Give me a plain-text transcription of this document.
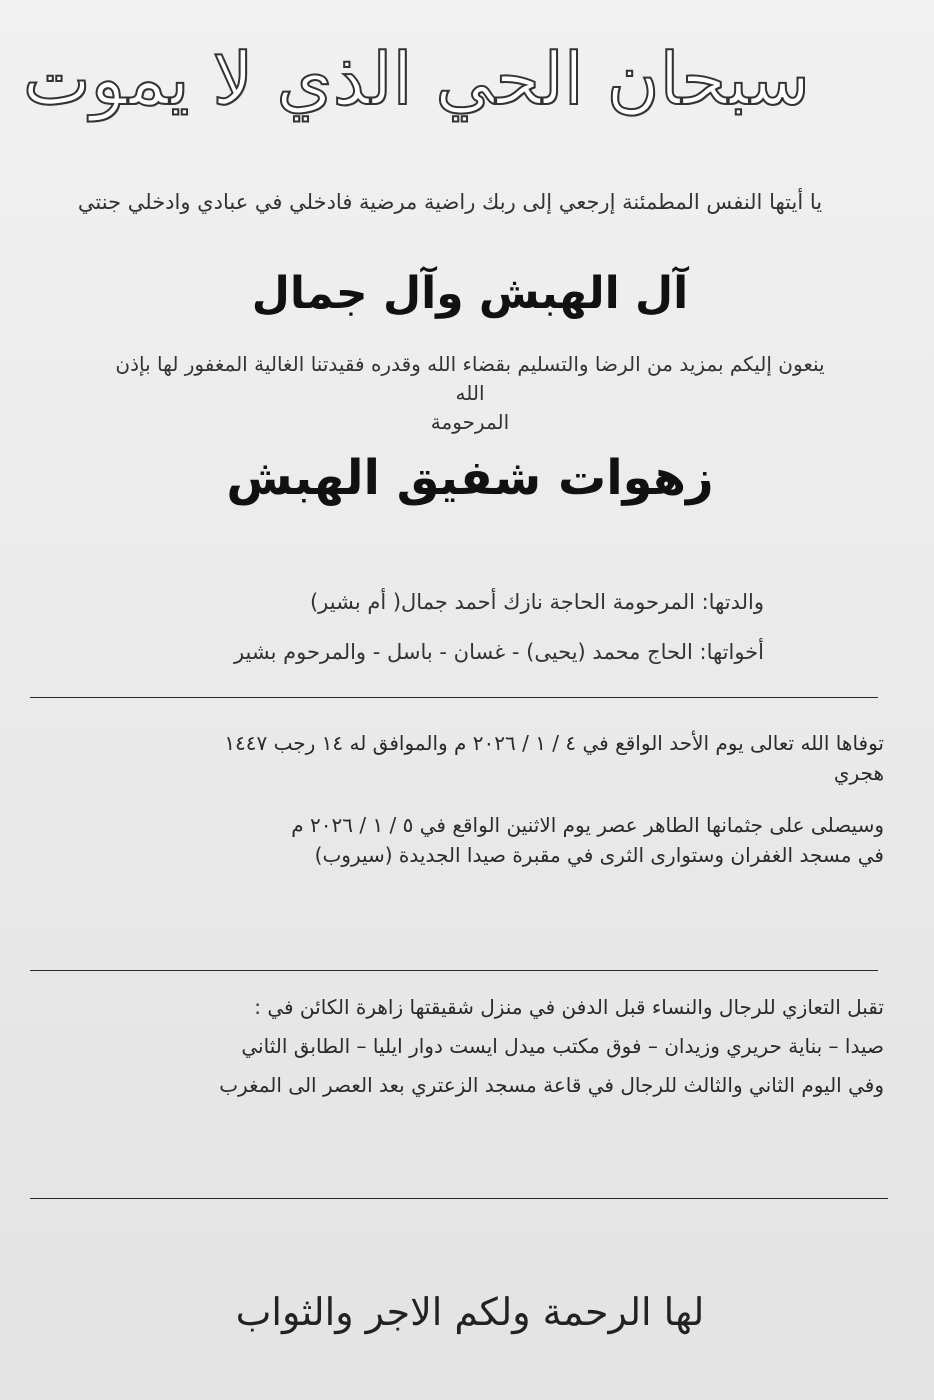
سبحان الحي الذي لا يموت
يا أيتها النفس المطمئنة إرجعي إلى ربك راضية مرضية فادخلي في عبادي وادخلي جنتي
آل الهبش وآل جمال
ينعون إليكم بمزيد من الرضا والتسليم بقضاء الله وقدره فقيدتنا الغالية المغفور لها بإذن الله
المرحومة
زهوات شفيق الهبش
والدتها: المرحومة الحاجة نازك أحمد جمال( أم بشير)
أخواتها: الحاج محمد (يحيى) - غسان - باسل - والمرحوم بشير
توفاها الله تعالى يوم الأحد الواقع في ٤ / ١ / ٢٠٢٦ م والموافق له ١٤ رجب ١٤٤٧
هجري
وسيصلى على جثمانها الطاهر عصر يوم الاثنين الواقع في ٥ / ١ / ٢٠٢٦ م
في مسجد الغفران وستوارى الثرى في مقبرة صيدا الجديدة (سيروب)
تقبل التعازي للرجال والنساء قبل الدفن في منزل شقيقتها زاهرة الكائن في :
صيدا – بناية حريري وزيدان – فوق مكتب ميدل ايست دوار ايليا – الطابق الثاني
وفي اليوم الثاني والثالث للرجال في قاعة مسجد الزعتري بعد العصر الى المغرب
لها الرحمة ولكم الاجر والثواب
